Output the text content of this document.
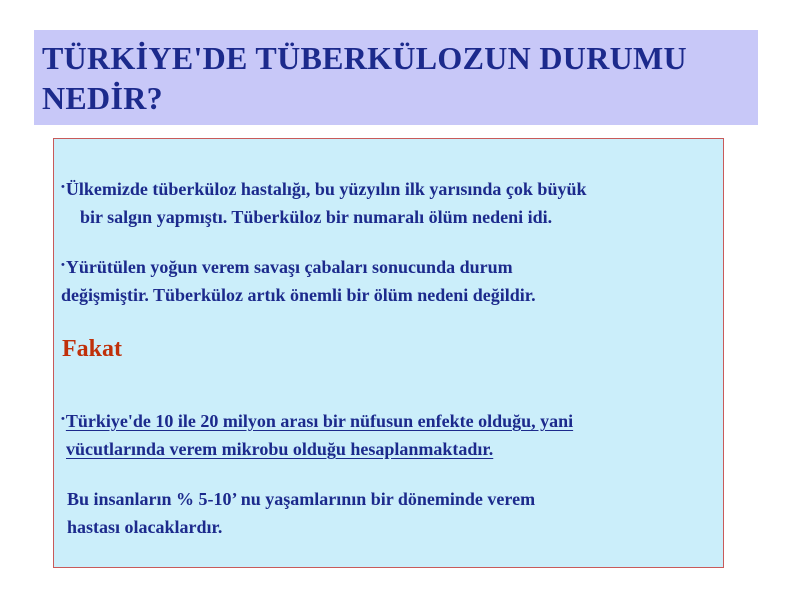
TÜRKİYE'DE TÜBERKÜLOZUN DURUMU
NEDİR?

•Ülkemizde tüberküloz hastalığı, bu yüzyılın ilk yarısında çok büyük
bir salgın yapmıştı. Tüberküloz bir numaralı ölüm nedeni idi.

•Yürütülen yoğun verem savaşı çabaları sonucunda durum
değişmiştir. Tüberküloz artık önemli bir ölüm nedeni değildir.

Fakat

•Türkiye'de 10 ile 20 milyon arası bir nüfusun enfekte olduğu, yani
vücutlarında verem mikrobu olduğu hesaplanmaktadır.

Bu insanların % 5-10’ nu yaşamlarının bir döneminde verem
hastası olacaklardır.
